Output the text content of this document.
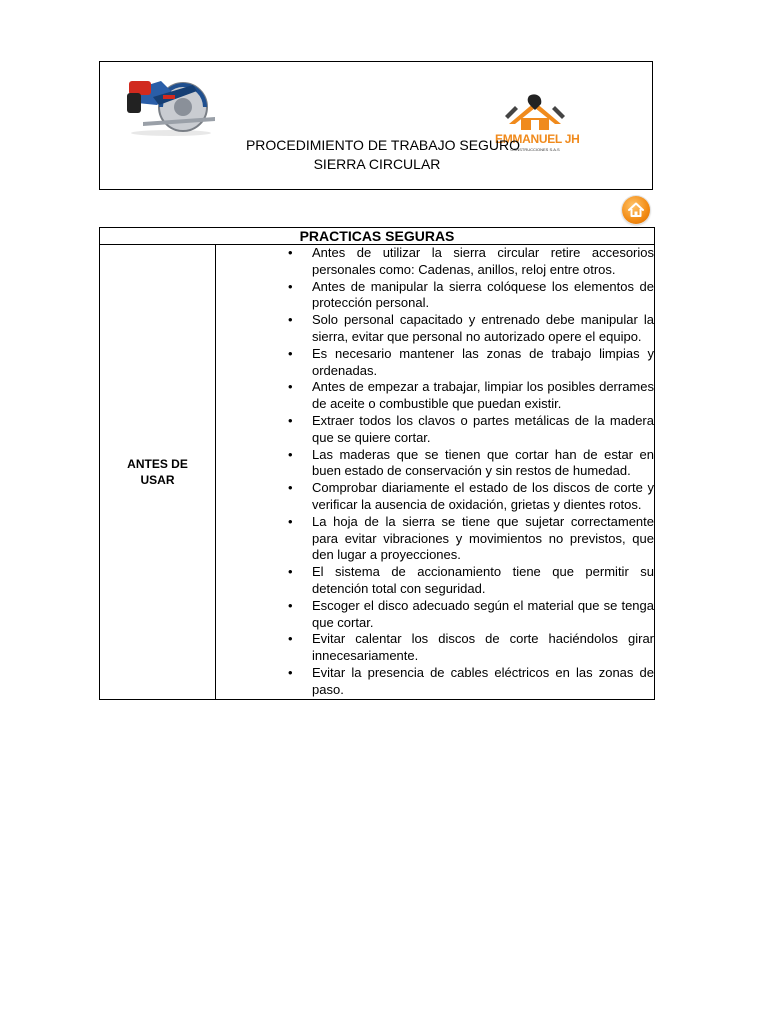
EMMANUEL JH
CONSTRUCCIONES S.A.S
PROCEDIMIENTO DE TRABAJO SEGURO
SIERRA CIRCULAR
PRACTICAS SEGURAS

ANTES DE
USAR

• Antes de utilizar la sierra circular retire accesorios personales como: Cadenas, anillos, reloj entre otros.
• Antes de manipular la sierra colóquese los elementos de protección personal.
• Solo personal capacitado y entrenado debe manipular la sierra, evitar que personal no autorizado opere el equipo.
• Es necesario mantener las zonas de trabajo limpias y ordenadas.
• Antes de empezar a trabajar, limpiar los posibles derrames de aceite o combustible que puedan existir.
• Extraer todos los clavos o partes metálicas de la madera que se quiere cortar.
• Las maderas que se tienen que cortar han de estar en buen estado de conservación y sin restos de humedad.
• Comprobar diariamente el estado de los discos de corte y verificar la ausencia de oxidación, grietas y dientes rotos.
• La hoja de la sierra se tiene que sujetar correctamente para evitar vibraciones y movimientos no previstos, que den lugar a proyecciones.
• El sistema de accionamiento tiene que permitir su detención total con seguridad.
• Escoger el disco adecuado según el material que se tenga que cortar.
• Evitar calentar los discos de corte haciéndolos girar innecesariamente.
• Evitar la presencia de cables eléctricos en las zonas de paso.
